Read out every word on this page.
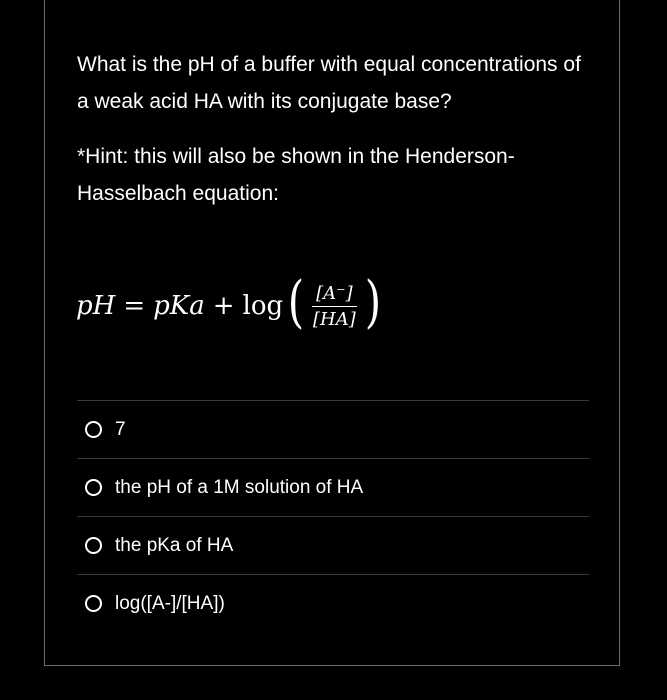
What is the pH of a buffer with equal concentrations of a weak acid HA with its conjugate base?

*Hint: this will also be shown in the Henderson-Hasselbach equation:

pH = pKa + log ( $\frac{[A^-]}{[HA]}$ )
7
the pH of a 1M solution of HA
the pKa of HA
log([A-]/[HA])
